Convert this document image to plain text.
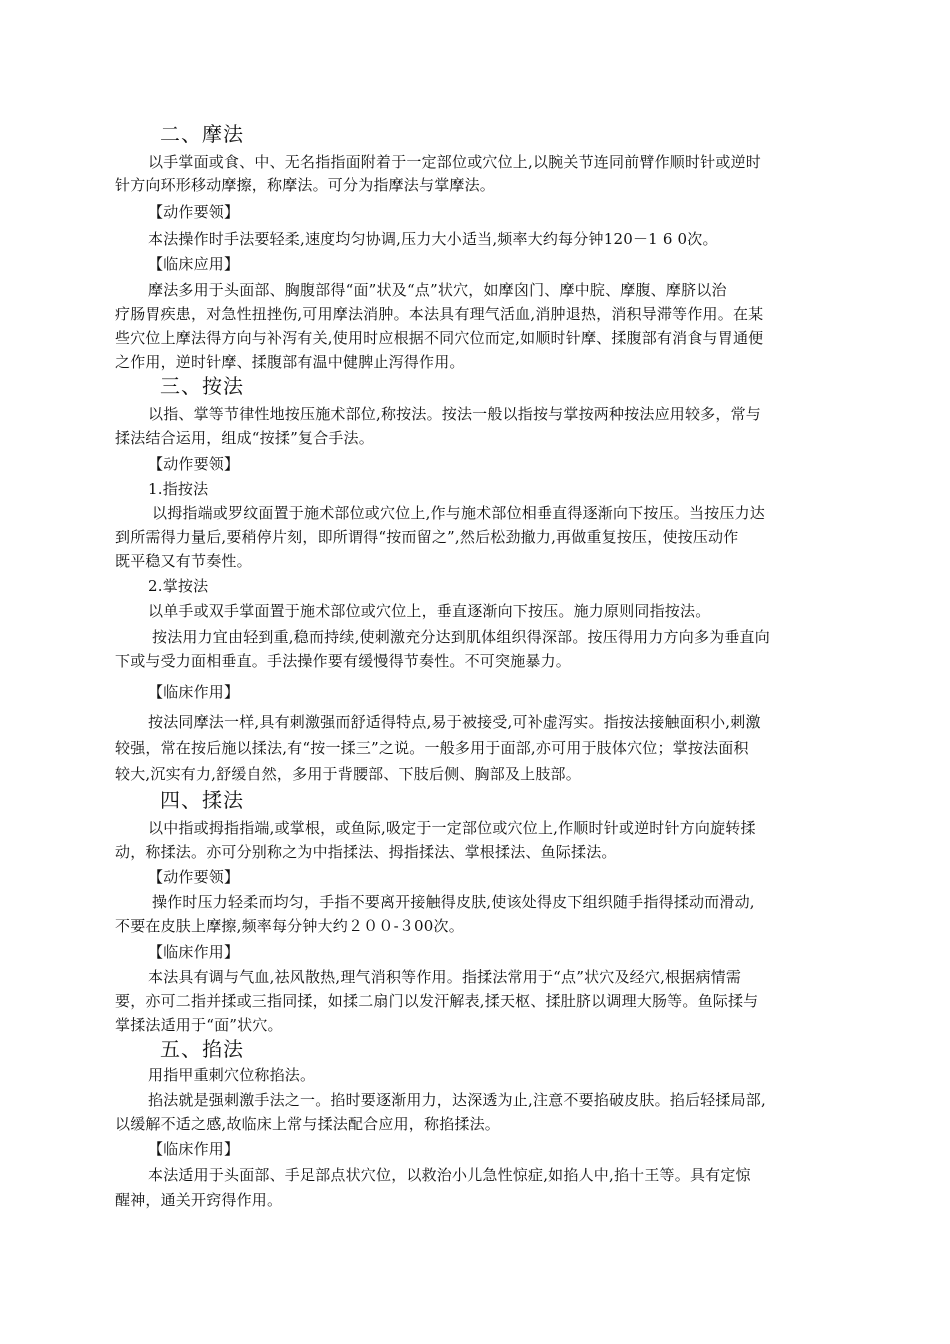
二、摩法
以手掌面或食、中、无名指指面附着于一定部位或穴位上,以腕关节连同前臂作顺时针或逆时
针方向环形移动摩擦，称摩法。可分为指摩法与掌摩法。
【动作要领】
本法操作时手法要轻柔,速度均匀协调,压力大小适当,频率大约每分钟120－1 6 0次。
【临床应用】
摩法多用于头面部、胸腹部得“面”状及“点”状穴，如摩囟门、摩中脘、摩腹、摩脐以治
疗肠胃疾患，对急性扭挫伤,可用摩法消肿。本法具有理气活血,消肿退热，消积导滞等作用。在某
些穴位上摩法得方向与补泻有关,使用时应根据不同穴位而定,如顺时针摩、揉腹部有消食与胃通便
之作用，逆时针摩、揉腹部有温中健脾止泻得作用。
三、按法
以指、掌等节律性地按压施术部位,称按法。按法一般以指按与掌按两种按法应用较多，常与
揉法结合运用，组成“按揉”复合手法。
【动作要领】
1.指按法
以拇指端或罗纹面置于施术部位或穴位上,作与施术部位相垂直得逐渐向下按压。当按压力达
到所需得力量后,要稍停片刻，即所谓得“按而留之”,然后松劲撤力,再做重复按压，使按压动作
既平稳又有节奏性。
2.掌按法
以单手或双手掌面置于施术部位或穴位上，垂直逐渐向下按压。施力原则同指按法。
按法用力宜由轻到重,稳而持续,使刺激充分达到肌体组织得深部。按压得用力方向多为垂直向
下或与受力面相垂直。手法操作要有缓慢得节奏性。不可突施暴力。
【临床作用】
按法同摩法一样,具有刺激强而舒适得特点,易于被接受,可补虚泻实。指按法接触面积小,刺激
较强，常在按后施以揉法,有“按一揉三”之说。一般多用于面部,亦可用于肢体穴位；掌按法面积
较大,沉实有力,舒缓自然，多用于背腰部、下肢后侧、胸部及上肢部。
四、揉法
以中指或拇指指端,或掌根，或鱼际,吸定于一定部位或穴位上,作顺时针或逆时针方向旋转揉
动，称揉法。亦可分别称之为中指揉法、拇指揉法、掌根揉法、鱼际揉法。
【动作要领】
操作时压力轻柔而均匀，手指不要离开接触得皮肤,使该处得皮下组织随手指得揉动而滑动,
不要在皮肤上摩擦,频率每分钟大约２００-３00次。
【临床作用】
本法具有调与气血,祛风散热,理气消积等作用。指揉法常用于“点”状穴及经穴,根据病情需
要，亦可二指并揉或三指同揉，如揉二扇门以发汗解表,揉天枢、揉肚脐以调理大肠等。鱼际揉与
掌揉法适用于“面”状穴。
五、掐法
用指甲重刺穴位称掐法。
掐法就是强刺激手法之一。掐时要逐渐用力，达深透为止,注意不要掐破皮肤。掐后轻揉局部,
以缓解不适之感,故临床上常与揉法配合应用，称掐揉法。
【临床作用】
本法适用于头面部、手足部点状穴位，以救治小儿急性惊症,如掐人中,掐十王等。具有定惊
醒神，通关开窍得作用。
